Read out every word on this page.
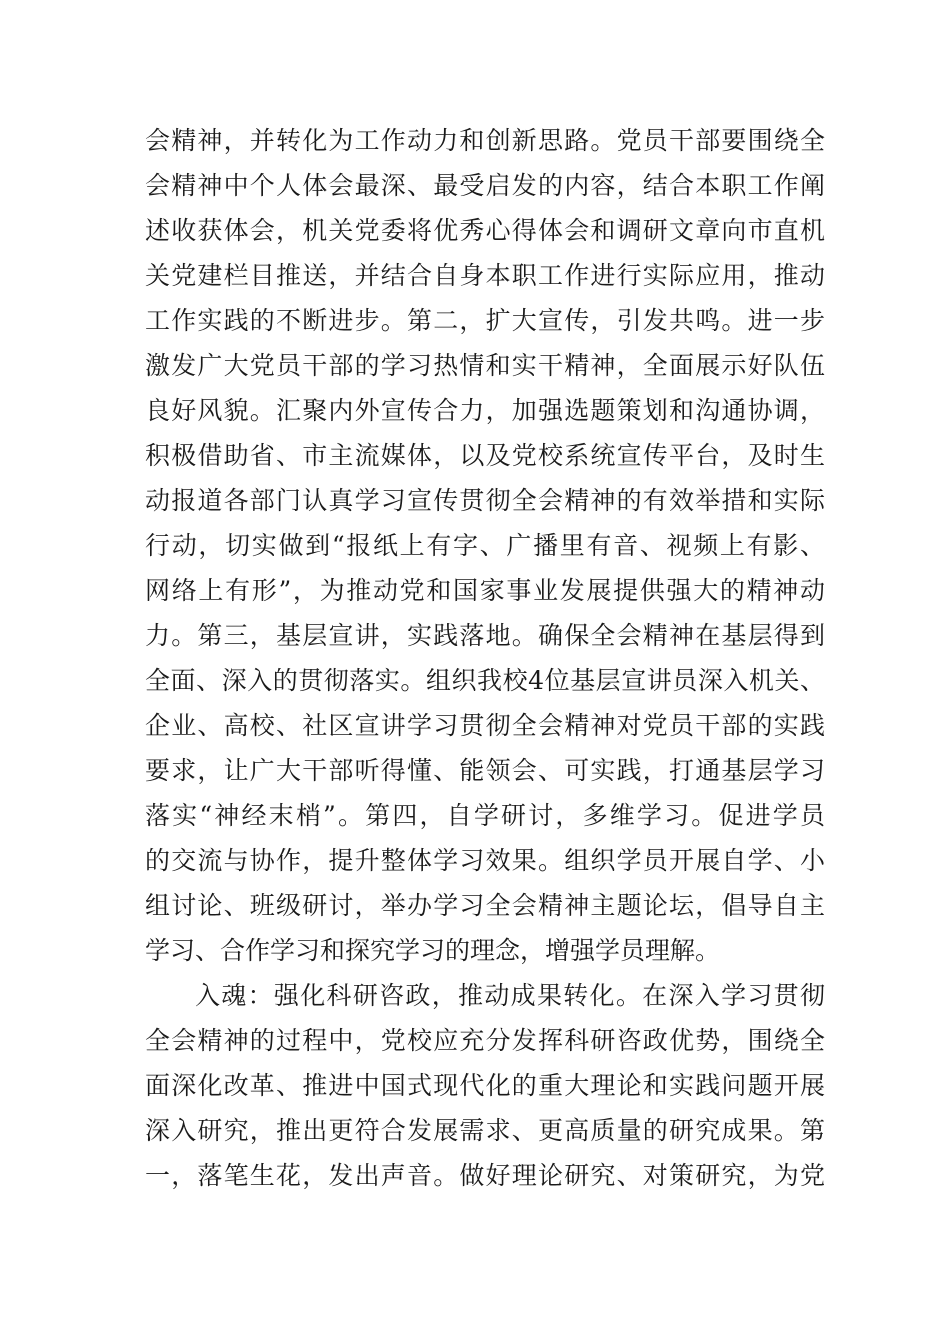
会精神，并转化为工作动力和创新思路。党员干部要围绕全
会精神中个人体会最深、最受启发的内容，结合本职工作阐
述收获体会，机关党委将优秀心得体会和调研文章向市直机
关党建栏目推送，并结合自身本职工作进行实际应用，推动
工作实践的不断进步。第二，扩大宣传，引发共鸣。进一步
激发广大党员干部的学习热情和实干精神，全面展示好队伍
良好风貌。汇聚内外宣传合力，加强选题策划和沟通协调，
积极借助省、市主流媒体，以及党校系统宣传平台，及时生
动报道各部门认真学习宣传贯彻全会精神的有效举措和实际
行动，切实做到“报纸上有字、广播里有音、视频上有影、
网络上有形”，为推动党和国家事业发展提供强大的精神动
力。第三，基层宣讲，实践落地。确保全会精神在基层得到
全面、深入的贯彻落实。组织我校4位基层宣讲员深入机关、
企业、高校、社区宣讲学习贯彻全会精神对党员干部的实践
要求，让广大干部听得懂、能领会、可实践，打通基层学习
落实“神经末梢”。第四，自学研讨，多维学习。促进学员
的交流与协作，提升整体学习效果。组织学员开展自学、小
组讨论、班级研讨，举办学习全会精神主题论坛，倡导自主
学习、合作学习和探究学习的理念，增强学员理解。
入魂：强化科研咨政，推动成果转化。在深入学习贯彻
全会精神的过程中，党校应充分发挥科研咨政优势，围绕全
面深化改革、推进中国式现代化的重大理论和实践问题开展
深入研究，推出更符合发展需求、更高质量的研究成果。第
一，落笔生花，发出声音。做好理论研究、对策研究，为党
